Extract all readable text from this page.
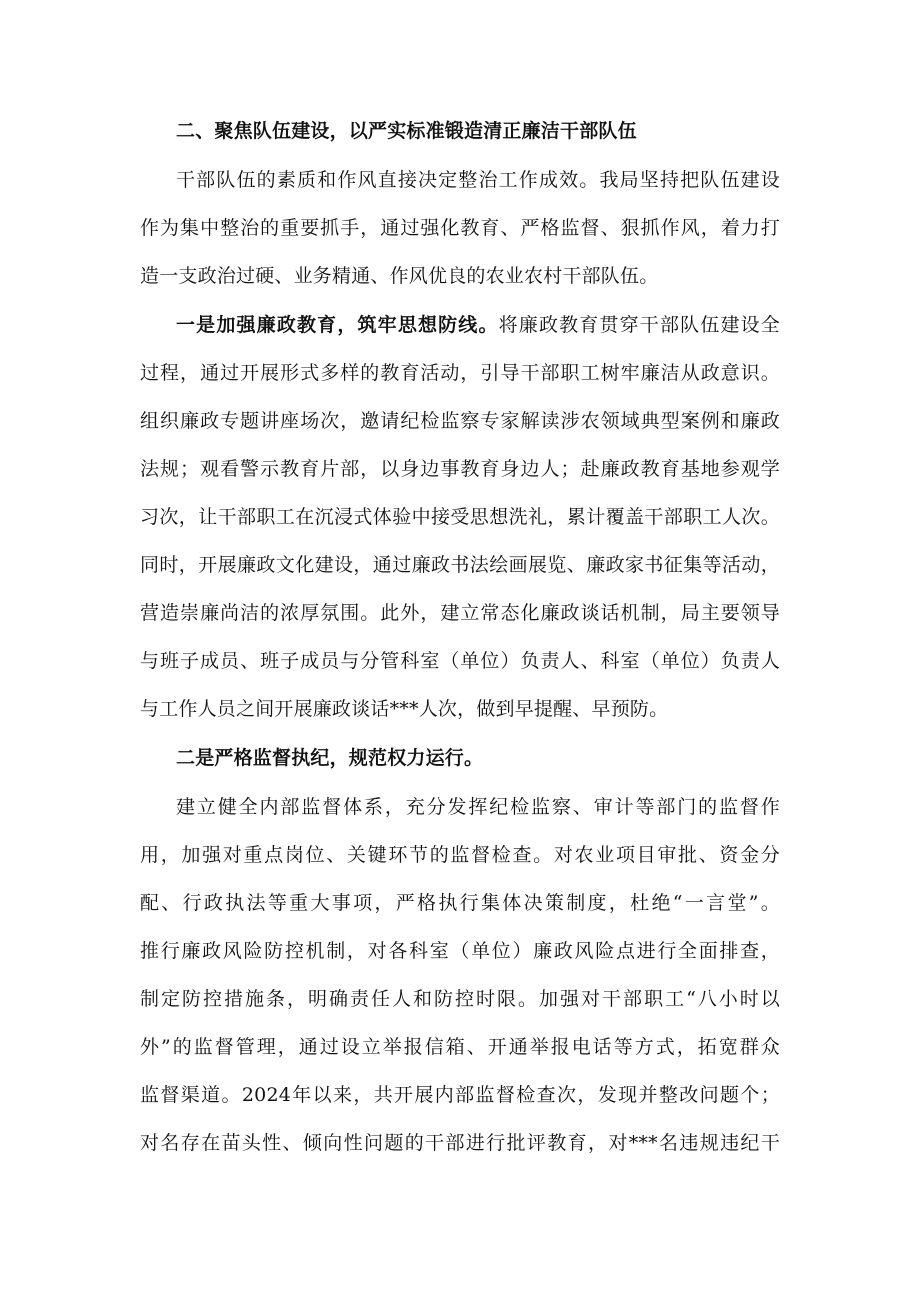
二、聚焦队伍建设，以严实标准锻造清正廉洁干部队伍
干部队伍的素质和作风直接决定整治工作成效。我局坚持把队伍建设
作为集中整治的重要抓手，通过强化教育、严格监督、狠抓作风，着力打
造一支政治过硬、业务精通、作风优良的农业农村干部队伍。
一是加强廉政教育，筑牢思想防线。将廉政教育贯穿干部队伍建设全
过程，通过开展形式多样的教育活动，引导干部职工树牢廉洁从政意识。
组织廉政专题讲座场次，邀请纪检监察专家解读涉农领域典型案例和廉政
法规；观看警示教育片部，以身边事教育身边人；赴廉政教育基地参观学
习次，让干部职工在沉浸式体验中接受思想洗礼，累计覆盖干部职工人次。
同时，开展廉政文化建设，通过廉政书法绘画展览、廉政家书征集等活动，
营造崇廉尚洁的浓厚氛围。此外，建立常态化廉政谈话机制，局主要领导
与班子成员、班子成员与分管科室（单位）负责人、科室（单位）负责人
与工作人员之间开展廉政谈话***人次，做到早提醒、早预防。
二是严格监督执纪，规范权力运行。
建立健全内部监督体系，充分发挥纪检监察、审计等部门的监督作
用，加强对重点岗位、关键环节的监督检查。对农业项目审批、资金分
配、行政执法等重大事项，严格执行集体决策制度，杜绝“一言堂”。
推行廉政风险防控机制，对各科室（单位）廉政风险点进行全面排查，
制定防控措施条，明确责任人和防控时限。加强对干部职工“八小时以
外”的监督管理，通过设立举报信箱、开通举报电话等方式，拓宽群众
监督渠道。2024年以来，共开展内部监督检查次，发现并整改问题个；
对名存在苗头性、倾向性问题的干部进行批评教育，对***名违规违纪干
